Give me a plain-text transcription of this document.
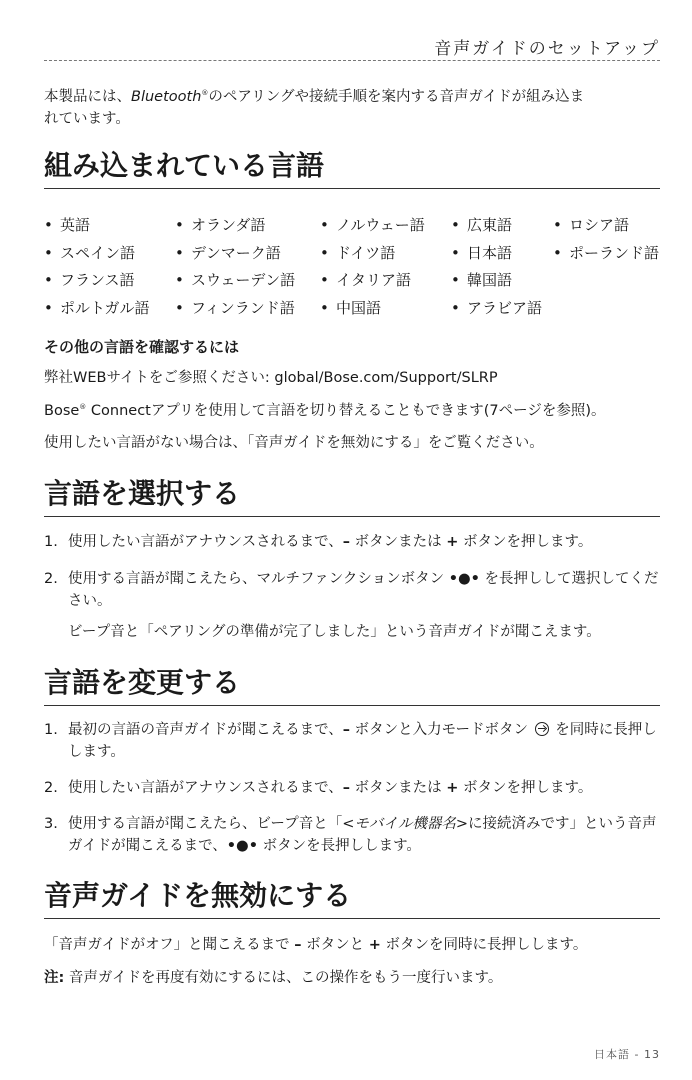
音声ガイドのセットアップ

本製品には、Bluetooth®のペアリングや接続手順を案内する音声ガイドが組み込ま
れています。

組み込まれている言語
• 英語
• スペイン語
• フランス語
• ポルトガル語
• オランダ語
• デンマーク語
• スウェーデン語
• フィンランド語
• ノルウェー語
• ドイツ語
• イタリア語
• 中国語
• 広東語
• 日本語
• 韓国語
• アラビア語
• ロシア語
• ポーランド語
その他の言語を確認するには
弊社WEBサイトをご参照ください: global/Bose.com/Support/SLRP
Bose® Connectアプリを使用して言語を切り替えることもできます(7ページを参照)。
使用したい言語がない場合は、「音声ガイドを無効にする」をご覧ください。
言語を選択する
1. 使用したい言語がアナウンスされるまで、– ボタンまたは + ボタンを押します。
2. 使用する言語が聞こえたら、マルチファンクションボタン •●• を長押しして選択してください。
ビープ音と「ペアリングの準備が完了しました」という音声ガイドが聞こえます。
言語を変更する
1. 最初の言語の音声ガイドが聞こえるまで、– ボタンと入力モードボタン  を同時に長押しします。
2. 使用したい言語がアナウンスされるまで、– ボタンまたは + ボタンを押します。
3. 使用する言語が聞こえたら、ビープ音と「<モバイル機器名>に接続済みです」という音声ガイドが聞こえるまで、•●• ボタンを長押しします。
音声ガイドを無効にする
「音声ガイドがオフ」と聞こえるまで – ボタンと + ボタンを同時に長押しします。
注: 音声ガイドを再度有効にするには、この操作をもう一度行います。
日本語 - 13
